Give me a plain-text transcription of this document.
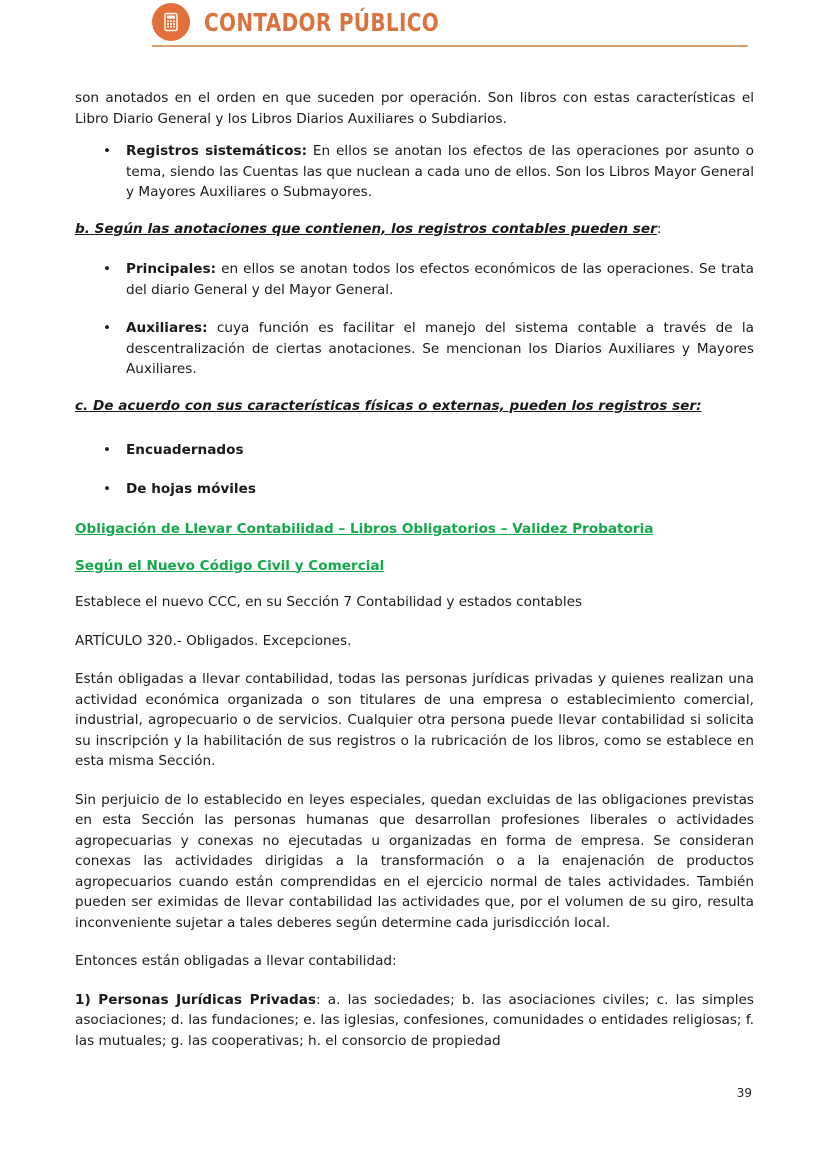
CONTADOR PÚBLICO

son anotados en el orden en que suceden por operación. Son libros con estas características el Libro Diario General y los Libros Diarios Auxiliares o Subdiarios.

• Registros sistemáticos: En ellos se anotan los efectos de las operaciones por asunto o tema, siendo las Cuentas las que nuclean a cada uno de ellos. Son los Libros Mayor General y Mayores Auxiliares o Submayores.

b. Según las anotaciones que contienen, los registros contables pueden ser:

• Principales: en ellos se anotan todos los efectos económicos de las operaciones. Se trata del diario General y del Mayor General.
• Auxiliares: cuya función es facilitar el manejo del sistema contable a través de la descentralización de ciertas anotaciones. Se mencionan los Diarios Auxiliares y Mayores Auxiliares.

c. De acuerdo con sus características físicas o externas, pueden los registros ser:

• Encuadernados
• De hojas móviles
Obligación de Llevar Contabilidad – Libros Obligatorios – Validez Probatoria
Según el Nuevo Código Civil y Comercial

Establece el nuevo CCC, en su Sección 7 Contabilidad y estados contables

ARTÍCULO 320.- Obligados. Excepciones.

Están obligadas a llevar contabilidad, todas las personas jurídicas privadas y quienes realizan una actividad económica organizada o son titulares de una empresa o establecimiento comercial, industrial, agropecuario o de servicios. Cualquier otra persona puede llevar contabilidad si solicita su inscripción y la habilitación de sus registros o la rubricación de los libros, como se establece en esta misma Sección.

Sin perjuicio de lo establecido en leyes especiales, quedan excluidas de las obligaciones previstas en esta Sección las personas humanas que desarrollan profesiones liberales o actividades agropecuarias y conexas no ejecutadas u organizadas en forma de empresa. Se consideran conexas las actividades dirigidas a la transformación o a la enajenación de productos agropecuarios cuando están comprendidas en el ejercicio normal de tales actividades. También pueden ser eximidas de llevar contabilidad las actividades que, por el volumen de su giro, resulta inconveniente sujetar a tales deberes según determine cada jurisdicción local.

Entonces están obligadas a llevar contabilidad:

1) Personas Jurídicas Privadas: a. las sociedades; b. las asociaciones civiles; c. las simples asociaciones; d. las fundaciones; e. las iglesias, confesiones, comunidades o entidades religiosas; f. las mutuales; g. las cooperativas; h. el consorcio de propiedad

39
